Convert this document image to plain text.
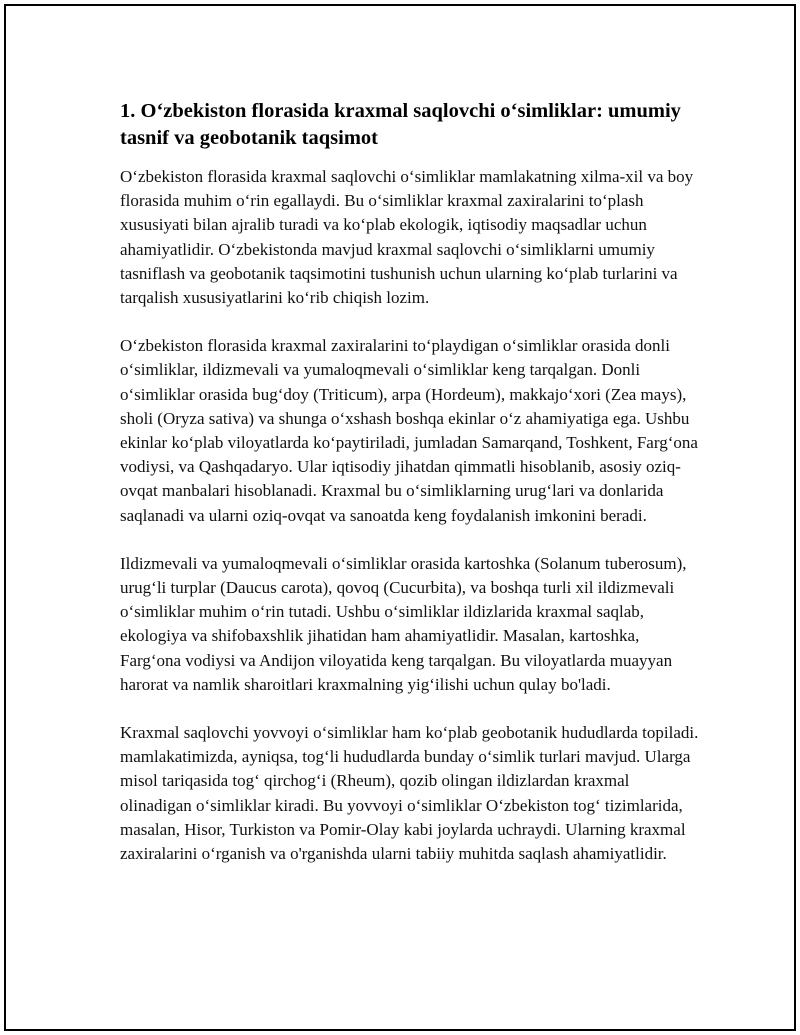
1. O‘zbekiston florasida kraxmal saqlovchi o‘simliklar: umumiy tasnif va geobotanik taqsimot

O‘zbekiston florasida kraxmal saqlovchi o‘simliklar mamlakatning xilma-xil va boy florasida muhim o‘rin egallaydi. Bu o‘simliklar kraxmal zaxiralarini to‘plash xususiyati bilan ajralib turadi va ko‘plab ekologik, iqtisodiy maqsadlar uchun ahamiyatlidir. O‘zbekistonda mavjud kraxmal saqlovchi o‘simliklarni umumiy tasniflash va geobotanik taqsimotini tushunish uchun ularning ko‘plab turlarini va tarqalish xususiyatlarini ko‘rib chiqish lozim.

O‘zbekiston florasida kraxmal zaxiralarini to‘playdigan o‘simliklar orasida donli o‘simliklar, ildizmevali va yumaloqmevali o‘simliklar keng tarqalgan. Donli o‘simliklar orasida bug‘doy (Triticum), arpa (Hordeum), makkajo‘xori (Zea mays), sholi (Oryza sativa) va shunga o‘xshash boshqa ekinlar o‘z ahamiyatiga ega. Ushbu ekinlar ko‘plab viloyatlarda ko‘paytiriladi, jumladan Samarqand, Toshkent, Farg‘ona vodiysi, va Qashqadaryo. Ular iqtisodiy jihatdan qimmatli hisoblanib, asosiy oziq-ovqat manbalari hisoblanadi. Kraxmal bu o‘simliklarning urug‘lari va donlarida saqlanadi va ularni oziq-ovqat va sanoatda keng foydalanish imkonini beradi.

Ildizmevali va yumaloqmevali o‘simliklar orasida kartoshka (Solanum tuberosum), urug‘li turplar (Daucus carota), qovoq (Cucurbita), va boshqa turli xil ildizmevali o‘simliklar muhim o‘rin tutadi. Ushbu o‘simliklar ildizlarida kraxmal saqlab, ekologiya va shifobaxshlik jihatidan ham ahamiyatlidir. Masalan, kartoshka, Farg‘ona vodiysi va Andijon viloyatida keng tarqalgan. Bu viloyatlarda muayyan harorat va namlik sharoitlari kraxmalning yig‘ilishi uchun qulay bo'ladi.

Kraxmal saqlovchi yovvoyi o‘simliklar ham ko‘plab geobotanik hududlarda topiladi. mamlakatimizda, ayniqsa, tog‘li hududlarda bunday o‘simlik turlari mavjud. Ularga misol tariqasida tog‘ qirchog‘i (Rheum), qozib olingan ildizlardan kraxmal olinadigan o‘simliklar kiradi. Bu yovvoyi o‘simliklar O‘zbekiston tog‘ tizimlarida, masalan, Hisor, Turkiston va Pomir-Olay kabi joylarda uchraydi. Ularning kraxmal zaxiralarini o‘rganish va o'rganishda ularni tabiiy muhitda saqlash ahamiyatlidir.
